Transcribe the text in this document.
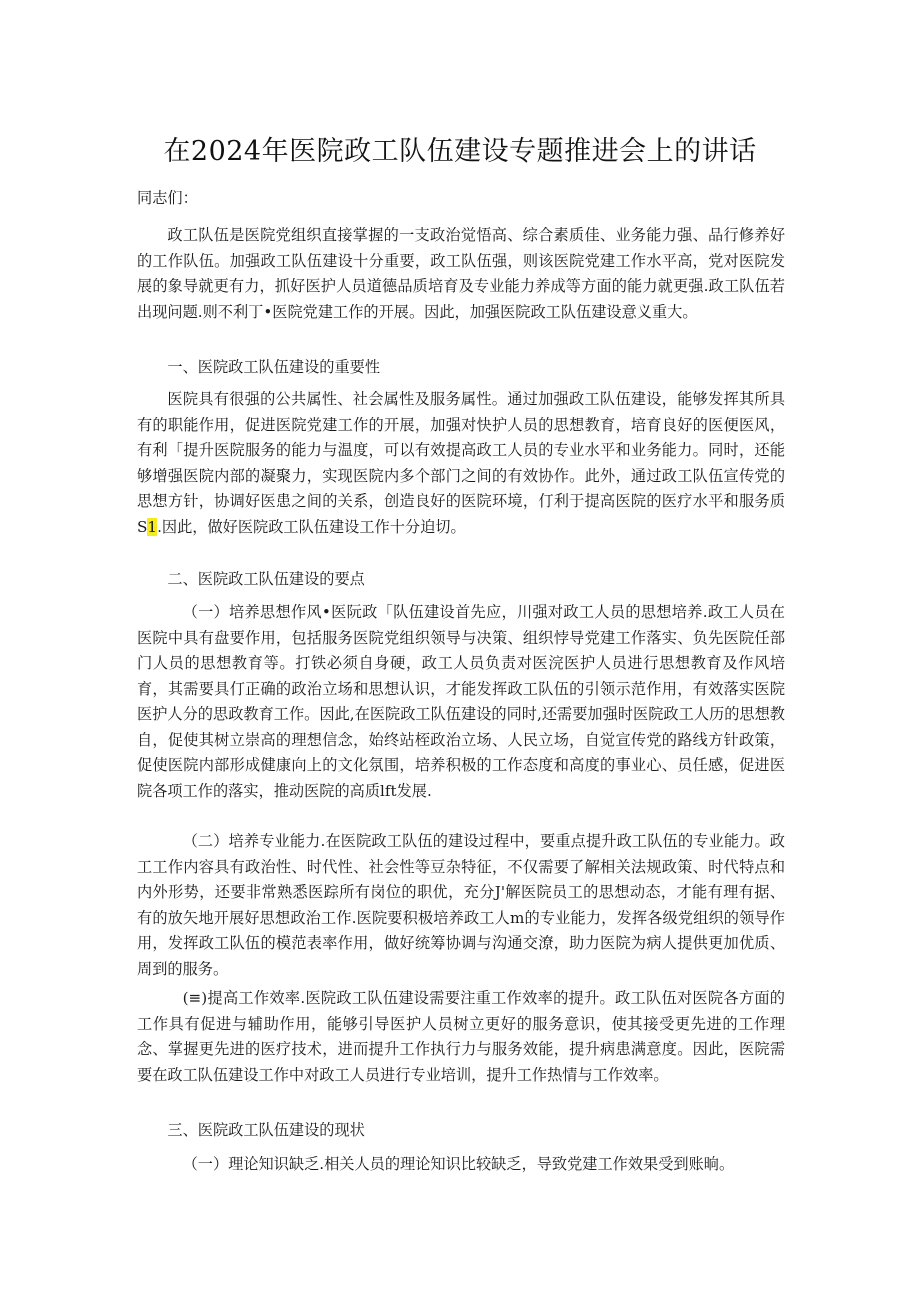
在2024年医院政工队伍建设专题推进会上的讲话

同志们：

政工队伍是医院党组织直接掌握的一支政治觉悟高、综合素质佳、业务能力强、品行修养好的工作队伍。加强政工队伍建设十分重要，政工队伍强，则该医院党建工作水平高，党对医院发展的象导就更有力，抓好医护人员道德品质培育及专业能力养成等方面的能力就更强.政工队伍若出现问题.则不利丁•医院党建工作的开展。因此，加强医院政工队伍建设意义重大。

一、医院政工队伍建设的重要性

医院具有很强的公共属性、社会属性及服务属性。通过加强政工队伍建设，能够发挥其所具有的职能作用，促进医院党建工作的开展，加强对快护人员的思想教育，培育良好的医便医风，有利「提升医院服务的能力与温度，可以有效提高政工人员的专业水平和业务能力。同时，还能够增强医院内部的凝聚力，实现医院内多个部门之间的有效协作。此外，通过政工队伍宣传党的思想方针，协调好医患之间的关系，创造良好的医院环境，仃利于提高医院的医疗水平和服务质S1.因此，做好医院政工队伍建设工作十分迫切。

二、医院政工队伍建设的要点

（一）培养思想作风•医阮政「队伍建设首先应，川强对政工人员的思想培养.政工人员在医院中具有盘要作用，包括服务医院党组织领导与决策、组织悖导党建工作落实、负先医院任部门人员的思想教育等。打铁必须自身硬，政工人员负责对医浣医护人员进行思想教育及作风培育，其需要具仃正确的政治立场和思想认识，才能发挥政工队伍的引领示范作用，有效落实医院医护人分的思政教育工作。因此,在医院政工队伍建设的同时,还需要加强时医院政工人历的思想教自，促使其树立崇高的理想信念，始终站桎政治立场、人民立场，自觉宣传党的路线方针政策，促使医院内部形成健康向上的文化氛围，培养积极的工作态度和高度的事业心、员任感，促进医院各项工作的落实，推动医院的高质lft发展.

（二）培养专业能力.在医院政工队伍的建设过程中，要重点提升政工队伍的专业能力。政工工作内容具有政治性、时代性、社会性等豆杂特征，不仅需要了解相关法规政策、时代特点和内外形势，还要非常熟悉医踪所有岗位的职优，充分J'解医院员工的思想动态，才能有理有据、有的放矢地开展好思想政治工作.医院要积极培养政工人m的专业能力，发挥各级党组织的领导作用，发挥政工队伍的模范表率作用，做好统筹协调与沟通交潦，助力医院为病人提供更加优质、周到的服务。

(≡)提高工作效率.医院政工队伍建设需要注重工作效率的提升。政工队伍对医院各方面的工作具有促进与辅助作用，能够引导医护人员树立更好的服务意识，使其接受更先进的工作理念、掌握更先进的医疗技术，进而提升工作执行力与服务效能，提升病患满意度。因此，医院需要在政工队伍建设工作中对政工人员进行专业培训，提升工作热情与工作效率。

三、医院政工队伍建设的现状

（一）理论知识缺乏.相关人员的理论知识比较缺乏，导致党建工作效果受到账晌。
